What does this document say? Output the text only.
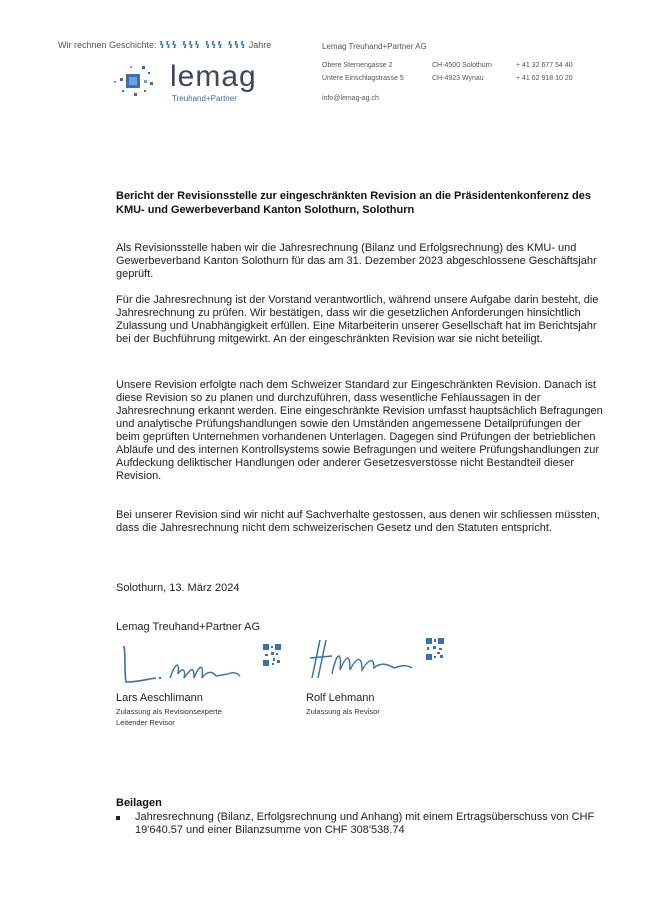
Wir rechnen Geschichte: ꝇꝇꝇ ꝇꝇꝇ ꝇꝇꝇ ꝇꝇꝇ Jahre
lemag
Treuhand+Partner
Lemag Treuhand+Partner AG
Obere Sternengasse 2	CH-4500 Solothurn	+ 41 32 677 54 40
Untere Einschlagstrasse 5	CH-4923 Wynau	+ 41 62 918 10 20
info@lemag-ag.ch
Bericht der Revisionsstelle zur eingeschränkten Revision an die Präsidentenkonferenz des KMU- und Gewerbeverband Kanton Solothurn, Solothurn
Als Revisionsstelle haben wir die Jahresrechnung (Bilanz und Erfolgsrechnung) des KMU- und Gewerbeverband Kanton Solothurn für das am 31. Dezember 2023 abgeschlossene Geschäftsjahr geprüft.
Für die Jahresrechnung ist der Vorstand verantwortlich, während unsere Aufgabe darin besteht, die Jahresrechnung zu prüfen. Wir bestätigen, dass wir die gesetzlichen Anforderungen hinsichtlich Zulassung und Unabhängigkeit erfüllen. Eine Mitarbeiterin unserer Gesellschaft hat im Berichtsjahr bei der Buchführung mitgewirkt. An der eingeschränkten Revision war sie nicht beteiligt.
Unsere Revision erfolgte nach dem Schweizer Standard zur Eingeschränkten Revision. Danach ist diese Revision so zu planen und durchzuführen, dass wesentliche Fehlaussagen in der Jahresrechnung erkannt werden. Eine eingeschränkte Revision umfasst hauptsächlich Befragungen und analytische Prüfungshandlungen sowie den Umständen angemessene Detailprüfungen der beim geprüften Unternehmen vorhandenen Unterlagen. Dagegen sind Prüfungen der betrieblichen Abläufe und des internen Kontrollsystems sowie Befragungen und weitere Prüfungshandlungen zur Aufdeckung deliktischer Handlungen oder anderer Gesetzesverstösse nicht Bestandteil dieser Revision.
Bei unserer Revision sind wir nicht auf Sachverhalte gestossen, aus denen wir schliessen müssten, dass die Jahresrechnung nicht dem schweizerischen Gesetz und den Statuten entspricht.
Solothurn, 13. März 2024
Lemag Treuhand+Partner AG
Lars Aeschlimann
Zulassung als Revisionsexperte
Leitender Revisor
Rolf Lehmann
Zulassung als Revisor
Beilagen
Jahresrechnung (Bilanz, Erfolgsrechnung und Anhang) mit einem Ertragsüberschuss von CHF 19'640.57 und einer Bilanzsumme von CHF 308'538.74
